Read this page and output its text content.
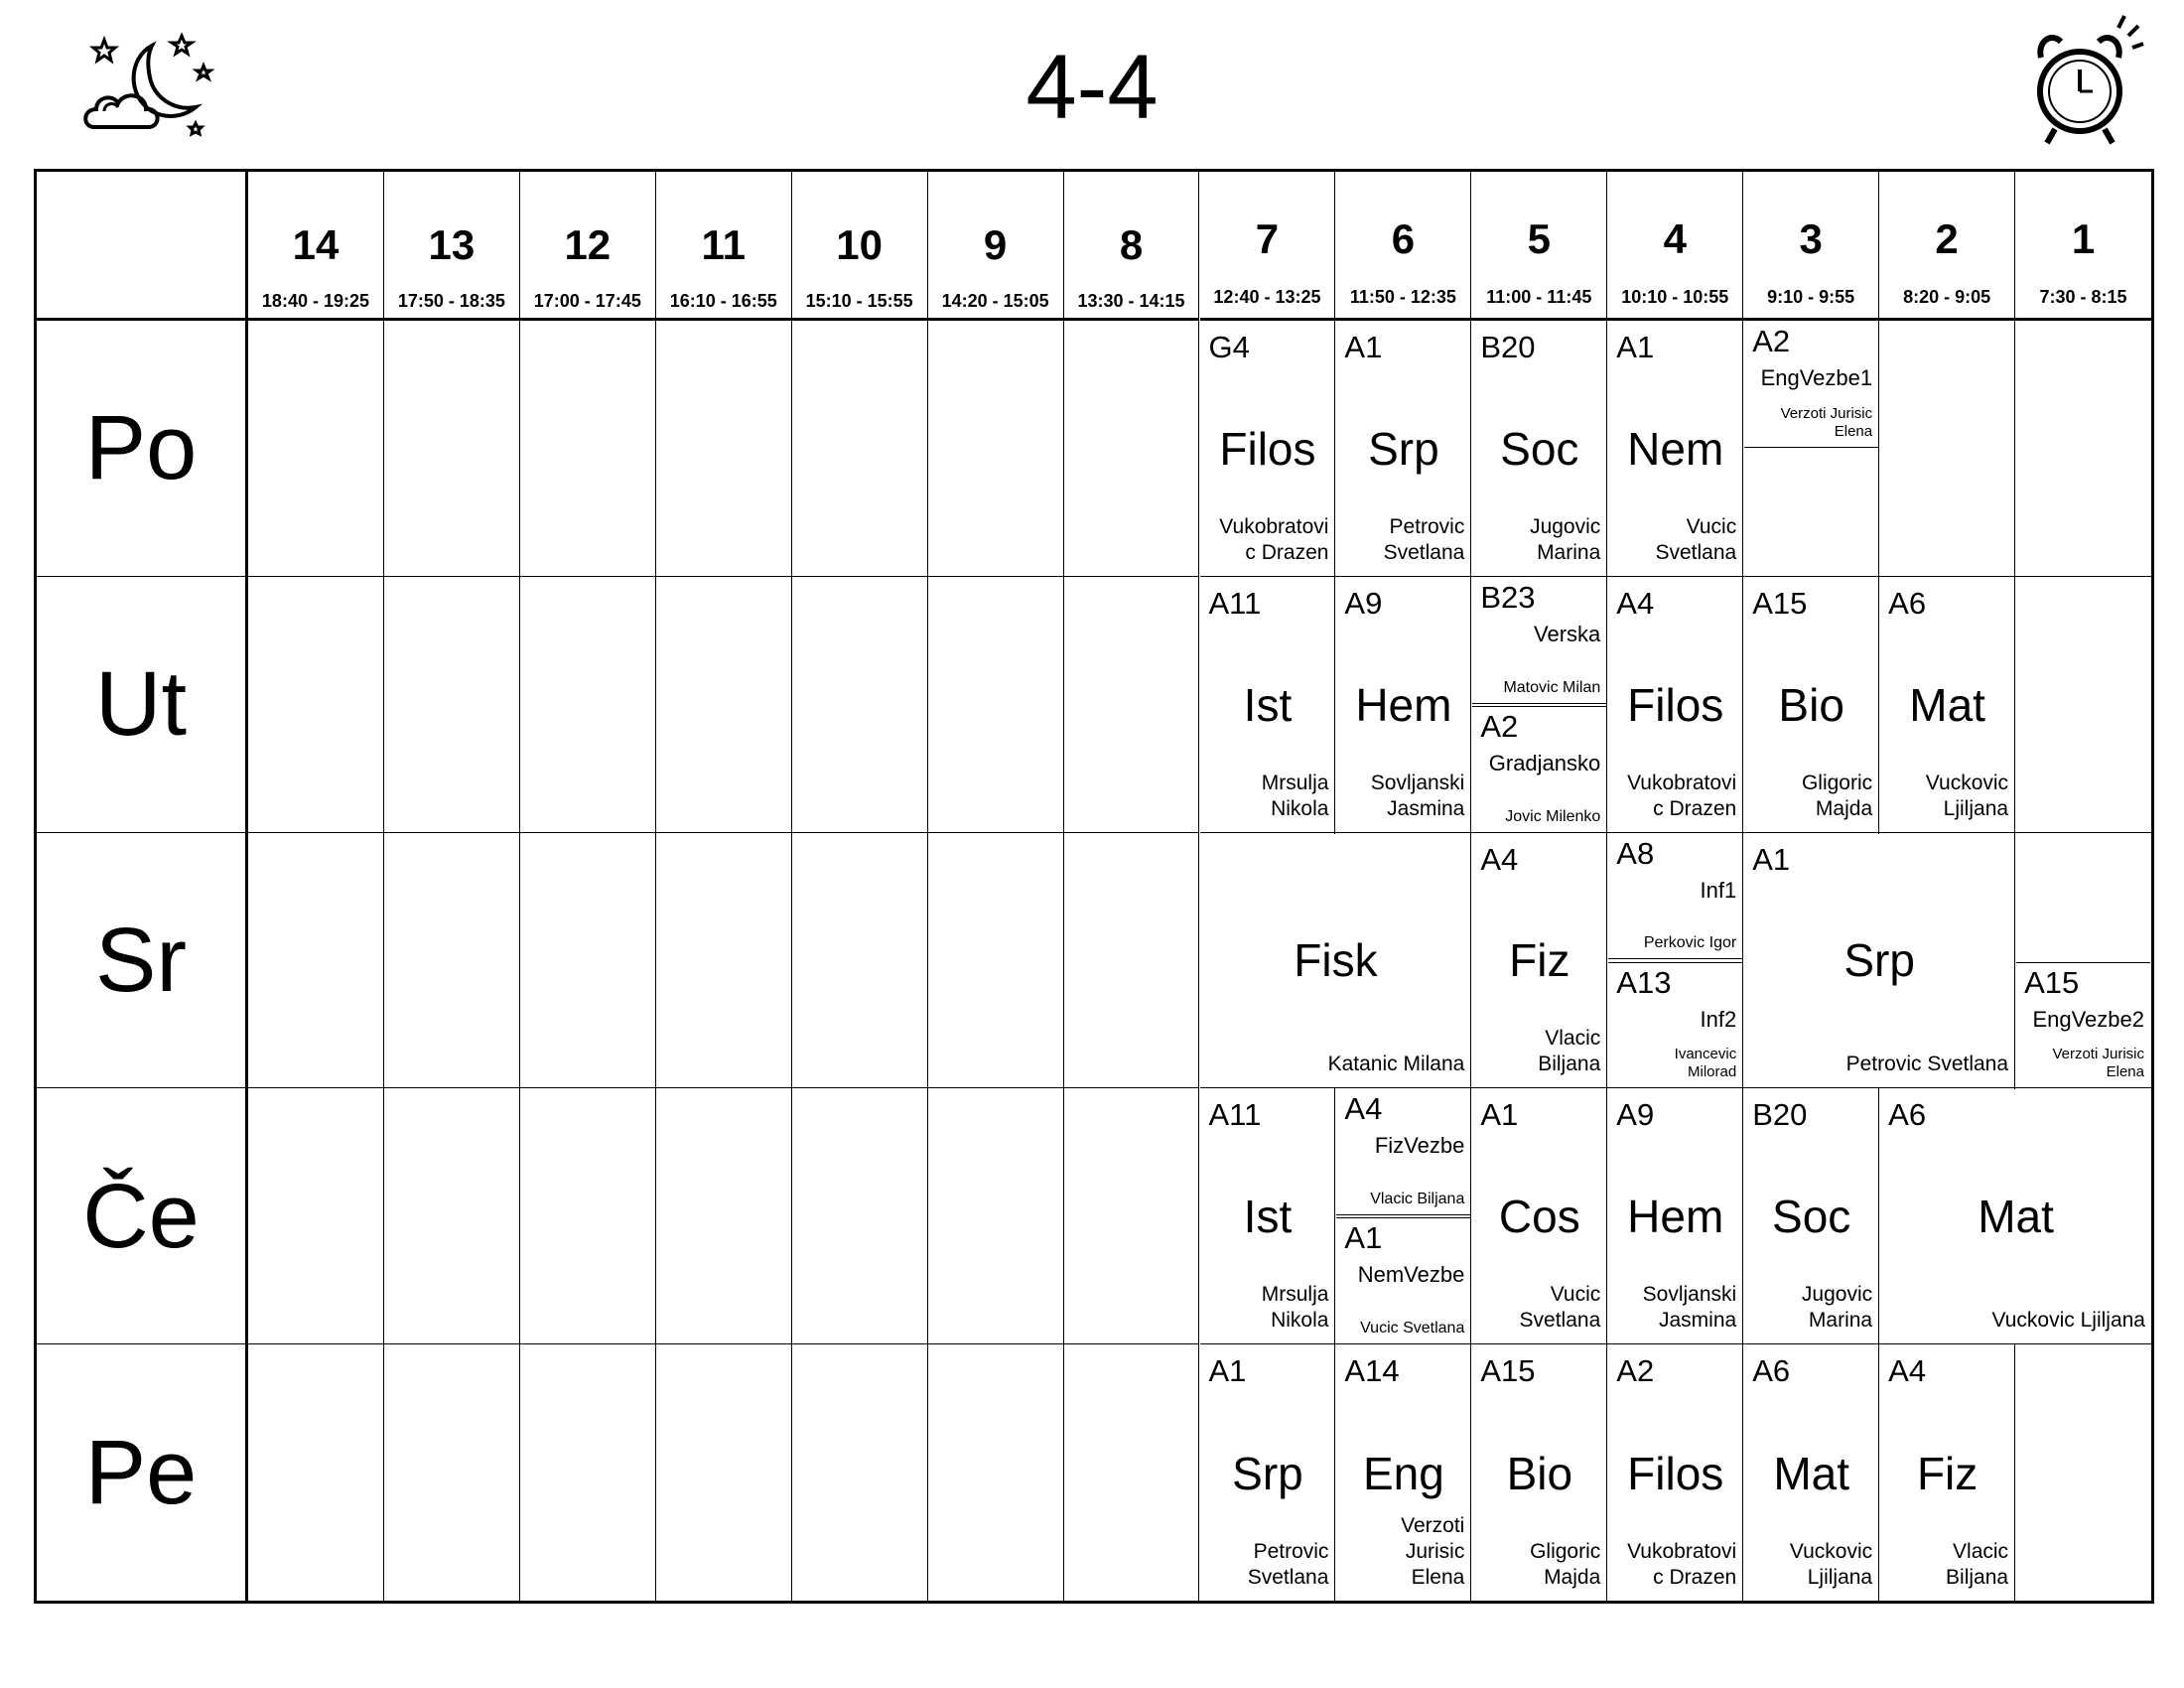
4-4
14
18:40 - 19:25
13
17:50 - 18:35
12
17:00 - 17:45
11
16:10 - 16:55
10
15:10 - 15:55
9
14:20 - 15:05
8
13:30 - 14:15
7
12:40 - 13:25
6
11:50 - 12:35
5
11:00 - 11:45
4
10:10 - 10:55
3
9:10 - 9:55
2
8:20 - 9:05
1
7:30 - 8:15
Po
Ut
Sr
Če
Pe
G4
Filos
Vukobratovi
c Drazen
A1
Srp
Petrovic
Svetlana
B20
Soc
Jugovic
Marina
A1
Nem
Vucic
Svetlana
A2
EngVezbe1
Verzoti Jurisic
Elena
A11
Ist
Mrsulja
Nikola
A9
Hem
Sovljanski
Jasmina
B23
Verska
Matovic Milan
A2
Gradjansko
Jovic Milenko
A4
Filos
Vukobratovi
c Drazen
A15
Bio
Gligoric
Majda
A6
Mat
Vuckovic
Ljiljana
Fisk
Katanic Milana
A4
Fiz
Vlacic
Biljana
A8
Inf1
Perkovic Igor
A13
Inf2
Ivancevic
Milorad
A1
Srp
Petrovic Svetlana
A15
EngVezbe2
Verzoti Jurisic
Elena
A11
Ist
Mrsulja
Nikola
A4
FizVezbe
Vlacic Biljana
A1
NemVezbe
Vucic Svetlana
A1
Cos
Vucic
Svetlana
A9
Hem
Sovljanski
Jasmina
B20
Soc
Jugovic
Marina
A6
Mat
Vuckovic Ljiljana
A1
Srp
Petrovic
Svetlana
A14
Eng
Verzoti
Jurisic
Elena
A15
Bio
Gligoric
Majda
A2
Filos
Vukobratovi
c Drazen
A6
Mat
Vuckovic
Ljiljana
A4
Fiz
Vlacic
Biljana
